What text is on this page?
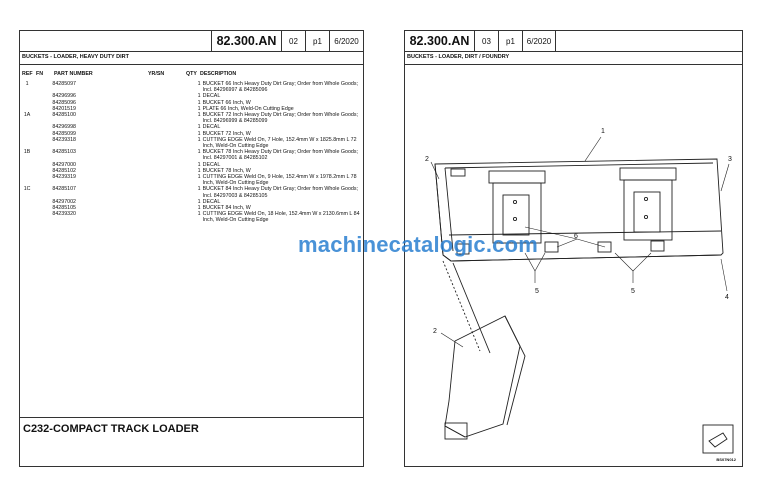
82.300.AN	02	p1	6/2020
BUCKETS - LOADER, HEAVY DUTY DIRT
REF FN PART NUMBER	YR/SN	QTY DESCRIPTION
1		84285097	1	BUCKET 66 Inch Heavy Duty Dirt Gray; Order from Whole Goods; Incl. 84296997 & 84285096
		84296996	1	DECAL
		84285096	1	BUCKET 66 Inch, W
		84201519	1	PLATE 66 Inch, Weld-On Cutting Edge
1A		84285100	1	BUCKET 72 Inch Heavy Duty Dirt Gray; Order from Whole Goods; Incl. 84296999 & 84285099
		84296998	1	DECAL
		84285099	1	BUCKET 72 Inch, W
		84239318	1	CUTTING EDGE Weld On, 7 Hole, 152.4mm W x 1825.8mm L 72 Inch, Weld-On Cutting Edge
1B		84285103	1	BUCKET 78 Inch Heavy Duty Dirt Gray; Order from Whole Goods; Incl. 84297001 & 84285102
		84297000	1	DECAL
		84285102	1	BUCKET 78 Inch, W
		84239319	1	CUTTING EDGE Weld On, 9 Hole, 152.4mm W x 1978.2mm L 78 Inch, Weld-On Cutting Edge
1C		84285107	1	BUCKET 84 Inch Heavy Duty Dirt Gray; Order from Whole Goods; Incl. 84297003 & 84285105
		84297002	1	DECAL
		84285105	1	BUCKET 84 Inch, W
		84239320	1	CUTTING EDGE Weld On, 18 Hole, 152.4mm W x 2130.6mm L 84 Inch, Weld-On Cutting Edge
C232-COMPACT TRACK LOADER
82.300.AN	03	p1	6/2020
BUCKETS - LOADER, DIRT / FOUNDRY
2
1
3
4
6
5	5
2
BS07N012
machinecatalogic.com
